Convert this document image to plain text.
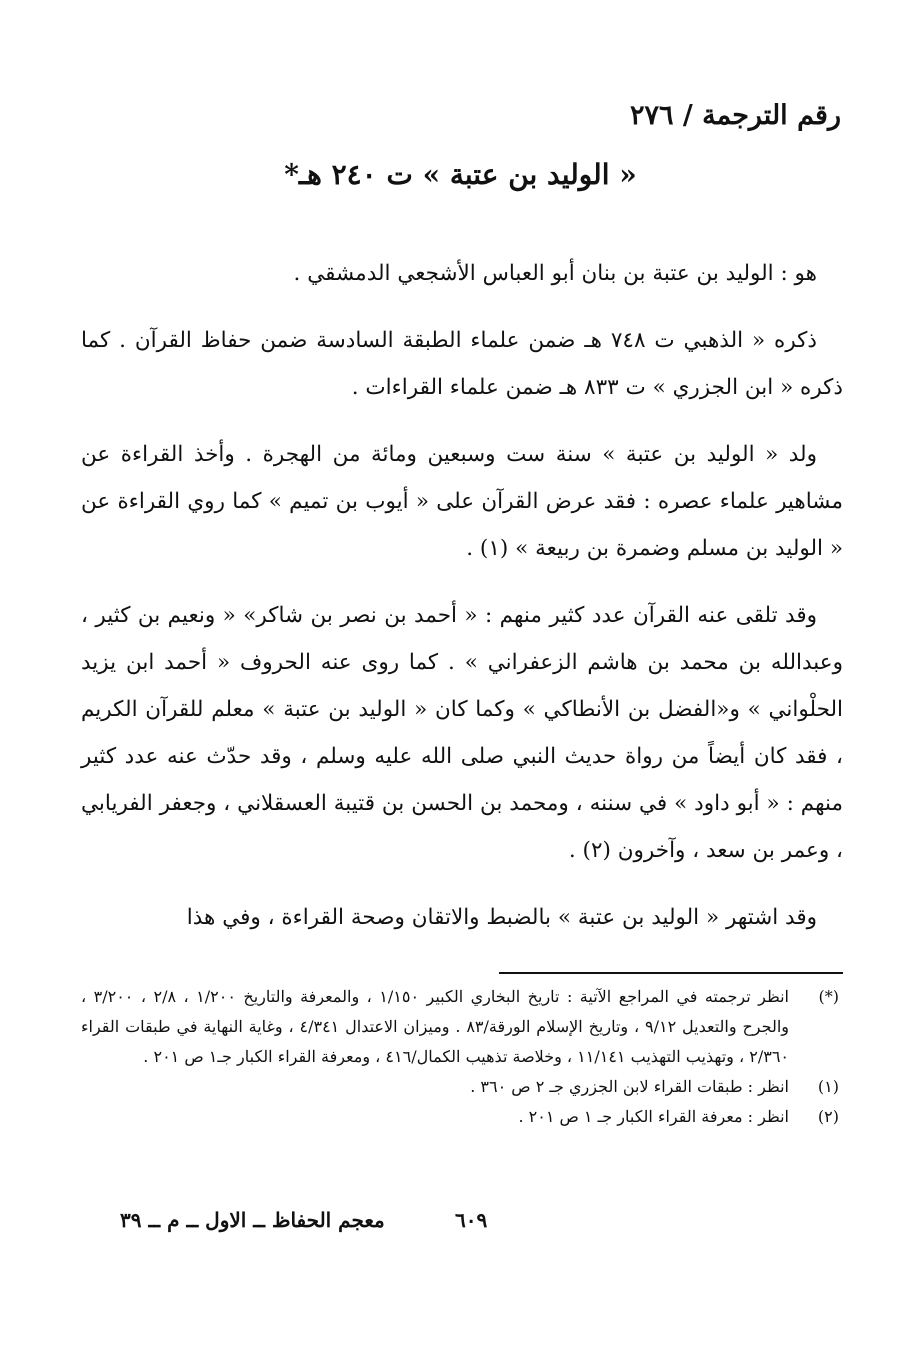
رقم الترجمة / ٢٧٦
« الوليد بن عتبة » ت ٢٤٠ هـ*

هو : الوليد بن عتبة بن بنان أبو العباس الأشجعي الدمشقي .

ذكره « الذهبي ت ٧٤٨ هـ ضمن علماء الطبقة السادسة ضمن حفاظ القرآن . كما ذكره « ابن الجزري » ت ٨٣٣ هـ ضمن علماء القراءات .

ولد « الوليد بن عتبة » سنة ست وسبعين ومائة من الهجرة . وأخذ القراءة عن مشاهير علماء عصره : فقد عرض القرآن على « أيوب بن تميم » كما روي القراءة عن « الوليد بن مسلم وضمرة بن ربيعة » (١) .

وقد تلقى عنه القرآن عدد كثير منهم : « أحمد بن نصر بن شاكر» « ونعيم بن كثير ، وعبدالله بن محمد بن هاشم الزعفراني » . كما روى عنه الحروف « أحمد ابن يزيد الحلْواني » و«الفضل بن الأنطاكي » وكما كان « الوليد بن عتبة » معلم للقرآن الكريم ، فقد كان أيضاً من رواة حديث النبي صلى الله عليه وسلم ، وقد حدّث عنه عدد كثير منهم : « أبو داود » في سننه ، ومحمد بن الحسن بن قتيبة العسقلاني ، وجعفر الفريابي ، وعمر بن سعد ، وآخرون (٢) .

وقد اشتهر « الوليد بن عتبة » بالضبط والاتقان وصحة القراءة ، وفي هذا

(*)
انظر ترجمته في المراجع الآتية : تاريخ البخاري الكبير ١/١٥٠ ، والمعرفة والتاريخ ١/٢٠٠ ، ٢/٨ ، ٣/٢٠٠ ، والجرح والتعديل ٩/١٢ ، وتاريخ الإسلام الورقة/٨٣ . وميزان الاعتدال ٤/٣٤١ ، وغاية النهاية في طبقات القراء ٢/٣٦٠ ، وتهذيب التهذيب ١١/١٤١ ، وخلاصة تذهيب الكمال/٤١٦ ، ومعرفة القراء الكبار جـ١ ص ٢٠١ .
(١)
انظر : طبقات القراء لابن الجزري جـ ٢ ص ٣٦٠ .
(٢)
انظر : معرفة القراء الكبار جـ ١ ص ٢٠١ .
٦٠٩
معجم الحفاظ ــ الاول ــ م ــ ٣٩
